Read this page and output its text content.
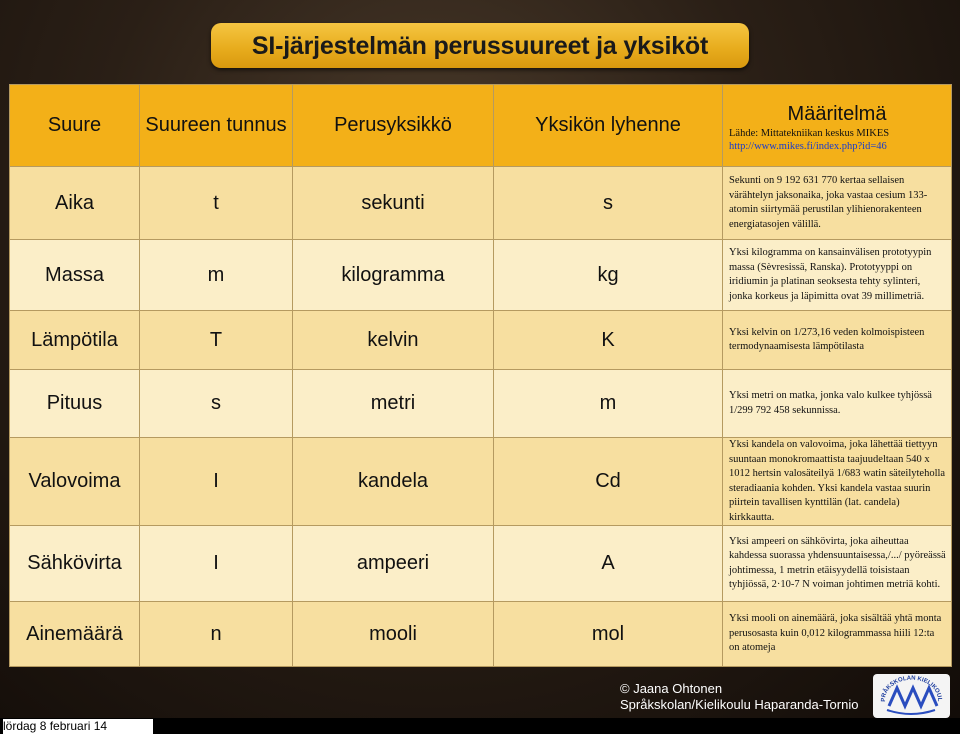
SI-järjestelmän perussuureet ja yksiköt
Suure	Suureen tunnus	Perusyksikkö	Yksikön lyhenne	Määritelmä
Lähde: Mittatekniikan keskus MIKES
http://www.mikes.fi/index.php?id=46

Aika	t	sekunti	s	Sekunti on 9 192 631 770 kertaa sellaisen värähtelyn jaksonaika, joka vastaa cesium 133-atomin siirtymää perustilan ylihienorakenteen energiatasojen välillä.
Massa	m	kilogramma	kg	Yksi kilogramma on kansainvälisen prototyypin massa (Sèvresissä, Ranska). Prototyyppi on iridiumin ja platinan seoksesta tehty sylinteri, jonka korkeus ja läpimitta ovat 39 millimetriä.
Lämpötila	T	kelvin	K	Yksi kelvin on 1/273,16 veden kolmoispisteen termodynaamisesta lämpötilasta
Pituus	s	metri	m	Yksi metri on matka, jonka valo kulkee tyhjössä 1/299 792 458 sekunnissa.
Valovoima	I	kandela	Cd	Yksi kandela on valovoima, joka lähettää tiettyyn suuntaan monokromaattista taajuudeltaan 540 x 1012 hertsin valosäteilyä 1/683 watin säteilyteholla steradiaania kohden. Yksi kandela vastaa suurin piirtein tavallisen kynttilän (lat. candela) kirkkautta.
Sähkövirta	I	ampeeri	A	Yksi ampeeri on sähkövirta, joka aiheuttaa kahdessa suorassa yhdensuuntaisessa,/.../ pyöreässä johtimessa, 1 metrin etäisyydellä toisistaan tyhjiössä, 2·10-7 N voiman johtimen metriä kohti.
Ainemäärä	n	mooli	mol	Yksi mooli on ainemäärä, joka sisältää yhtä monta perusosasta kuin 0,012 kilogrammassa hiili 12:ta on atomeja
© Jaana Ohtonen
Språkskolan/Kielikoulu Haparanda-Tornio	PRÅKSKOLAN KIELIKOUL
lördag 8 februari 14
